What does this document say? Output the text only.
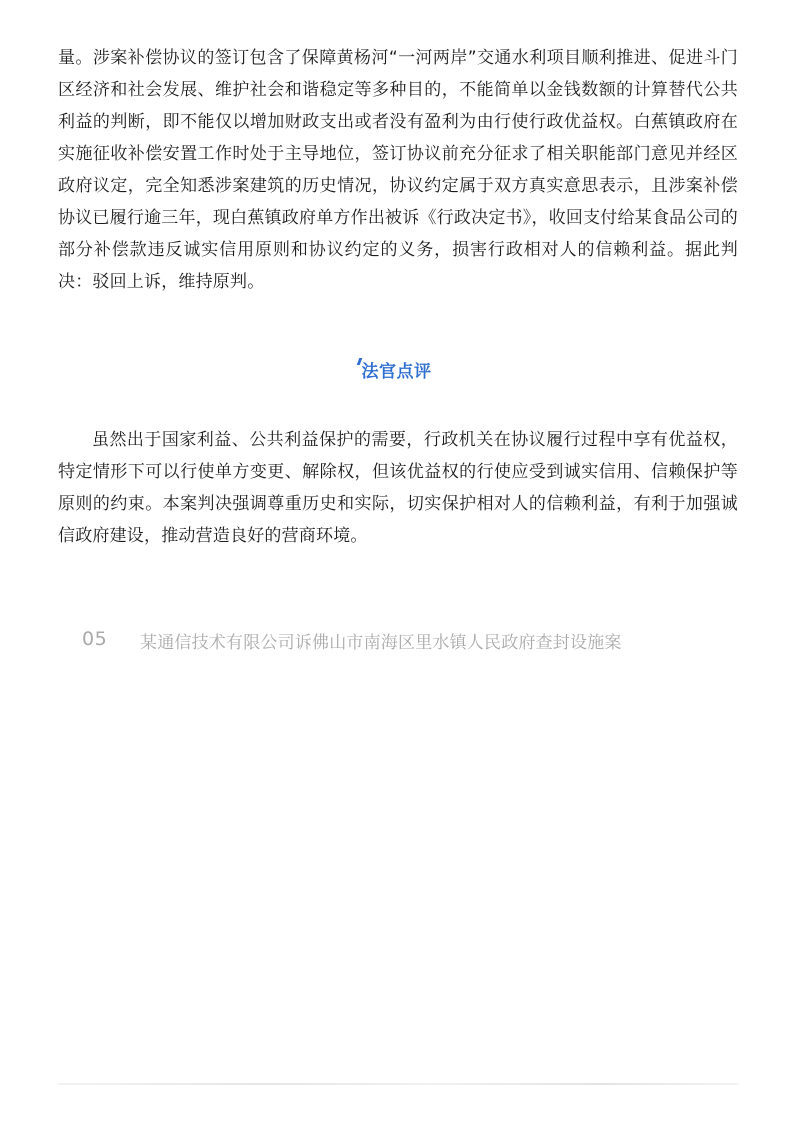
量。涉案补偿协议的签订包含了保障黄杨河“一河两岸”交通水利项目顺利推进、促进斗门区经济和社会发展、维护社会和谐稳定等多种目的，不能简单以金钱数额的计算替代公共利益的判断，即不能仅以增加财政支出或者没有盈利为由行使行政优益权。白蕉镇政府在实施征收补偿安置工作时处于主导地位，签订协议前充分征求了相关职能部门意见并经区政府议定，完全知悉涉案建筑的历史情况，协议约定属于双方真实意思表示，且涉案补偿协议已履行逾三年，现白蕉镇政府单方作出被诉《行政决定书》，收回支付给某食品公司的部分补偿款违反诚实信用原则和协议约定的义务，损害行政相对人的信赖利益。据此判决：驳回上诉，维持原判。

法官点评

虽然出于国家利益、公共利益保护的需要，行政机关在协议履行过程中享有优益权，特定情形下可以行使单方变更、解除权，但该优益权的行使应受到诚实信用、信赖保护等原则的约束。本案判决强调尊重历史和实际，切实保护相对人的信赖利益，有利于加强诚信政府建设，推动营造良好的营商环境。

05 某通信技术有限公司诉佛山市南海区里水镇人民政府查封设施案
